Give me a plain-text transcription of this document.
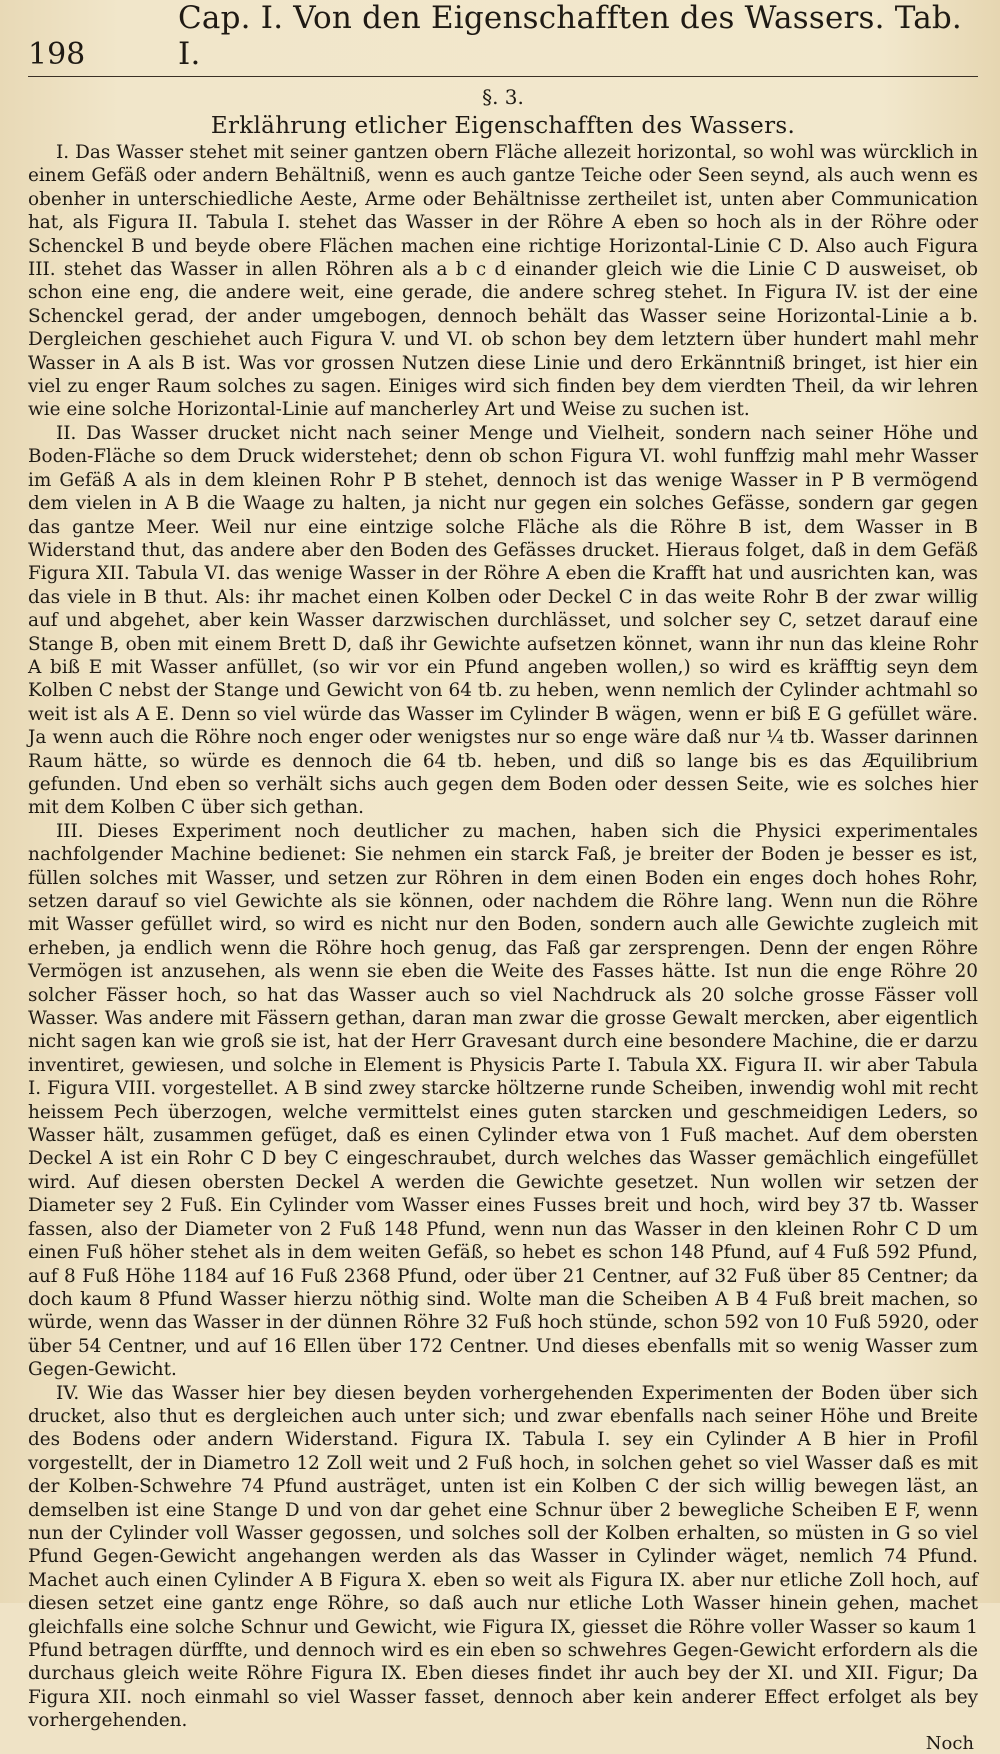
198
Cap. I. Von den Eigenschafften des Wassers. Tab. I.
§. 3.
Erklährung etlicher Eigenschafften des Wassers.

I. Das Wasser stehet mit seiner gantzen obern Fläche allezeit horizontal, so wohl was würcklich in einem Gefäß oder andern Behältniß, wenn es auch gantze Teiche oder Seen seynd, als auch wenn es obenher in unterschiedliche Aeste, Arme oder Behältnisse zertheilet ist, unten aber Communication hat, als Figura II. Tabula I. stehet das Wasser in der Röhre A eben so hoch als in der Röhre oder Schenckel B und beyde obere Flächen machen eine richtige Horizontal-Linie C D. Also auch Figura III. stehet das Wasser in allen Röhren als a b c d einander gleich wie die Linie C D ausweiset, ob schon eine eng, die andere weit, eine gerade, die andere schreg stehet. In Figura IV. ist der eine Schenckel gerad, der ander umgebogen, dennoch behält das Wasser seine Horizontal-Linie a b. Dergleichen geschiehet auch Figura V. und VI. ob schon bey dem letztern über hundert mahl mehr Wasser in A als B ist. Was vor grossen Nutzen diese Linie und dero Erkänntniß bringet, ist hier ein viel zu enger Raum solches zu sagen. Einiges wird sich finden bey dem vierdten Theil, da wir lehren wie eine solche Horizontal-Linie auf mancherley Art und Weise zu suchen ist.

II. Das Wasser drucket nicht nach seiner Menge und Vielheit, sondern nach seiner Höhe und Boden-Fläche so dem Druck widerstehet; denn ob schon Figura VI. wohl funffzig mahl mehr Wasser im Gefäß A als in dem kleinen Rohr P B stehet, dennoch ist das wenige Wasser in P B vermögend dem vielen in A B die Waage zu halten, ja nicht nur gegen ein solches Gefässe, sondern gar gegen das gantze Meer. Weil nur eine eintzige solche Fläche als die Röhre B ist, dem Wasser in B Widerstand thut, das andere aber den Boden des Gefässes drucket. Hieraus folget, daß in dem Gefäß Figura XII. Tabula VI. das wenige Wasser in der Röhre A eben die Krafft hat und ausrichten kan, was das viele in B thut. Als: ihr machet einen Kolben oder Deckel C in das weite Rohr B der zwar willig auf und abgehet, aber kein Wasser darzwischen durchlässet, und solcher sey C, setzet darauf eine Stange B, oben mit einem Brett D, daß ihr Gewichte aufsetzen könnet, wann ihr nun das kleine Rohr A biß E mit Wasser anfüllet, (so wir vor ein Pfund angeben wollen,) so wird es kräfftig seyn dem Kolben C nebst der Stange und Gewicht von 64 tb. zu heben, wenn nemlich der Cylinder achtmahl so weit ist als A E. Denn so viel würde das Wasser im Cylinder B wägen, wenn er biß E G gefüllet wäre. Ja wenn auch die Röhre noch enger oder wenigstes nur so enge wäre daß nur ¼ tb. Wasser darinnen Raum hätte, so würde es dennoch die 64 tb. heben, und diß so lange bis es das Æquilibrium gefunden. Und eben so verhält sichs auch gegen dem Boden oder dessen Seite, wie es solches hier mit dem Kolben C über sich gethan.

III. Dieses Experiment noch deutlicher zu machen, haben sich die Physici experimentales nachfolgender Machine bedienet: Sie nehmen ein starck Faß, je breiter der Boden je besser es ist, füllen solches mit Wasser, und setzen zur Röhren in dem einen Boden ein enges doch hohes Rohr, setzen darauf so viel Gewichte als sie können, oder nachdem die Röhre lang. Wenn nun die Röhre mit Wasser gefüllet wird, so wird es nicht nur den Boden, sondern auch alle Gewichte zugleich mit erheben, ja endlich wenn die Röhre hoch genug, das Faß gar zersprengen. Denn der engen Röhre Vermögen ist anzusehen, als wenn sie eben die Weite des Fasses hätte. Ist nun die enge Röhre 20 solcher Fässer hoch, so hat das Wasser auch so viel Nachdruck als 20 solche grosse Fässer voll Wasser. Was andere mit Fässern gethan, daran man zwar die grosse Gewalt mercken, aber eigentlich nicht sagen kan wie groß sie ist, hat der Herr Gravesant durch eine besondere Machine, die er darzu inventiret, gewiesen, und solche in Element is Physicis Parte I. Tabula XX. Figura II. wir aber Tabula I. Figura VIII. vorgestellet. A B sind zwey starcke höltzerne runde Scheiben, inwendig wohl mit recht heissem Pech überzogen, welche vermittelst eines guten starcken und geschmeidigen Leders, so Wasser hält, zusammen gefüget, daß es einen Cylinder etwa von 1 Fuß machet. Auf dem obersten Deckel A ist ein Rohr C D bey C eingeschraubet, durch welches das Wasser gemächlich eingefüllet wird. Auf diesen obersten Deckel A werden die Gewichte gesetzet. Nun wollen wir setzen der Diameter sey 2 Fuß. Ein Cylinder vom Wasser eines Fusses breit und hoch, wird bey 37 tb. Wasser fassen, also der Diameter von 2 Fuß 148 Pfund, wenn nun das Wasser in den kleinen Rohr C D um einen Fuß höher stehet als in dem weiten Gefäß, so hebet es schon 148 Pfund, auf 4 Fuß 592 Pfund, auf 8 Fuß Höhe 1184 auf 16 Fuß 2368 Pfund, oder über 21 Centner, auf 32 Fuß über 85 Centner; da doch kaum 8 Pfund Wasser hierzu nöthig sind. Wolte man die Scheiben A B 4 Fuß breit machen, so würde, wenn das Wasser in der dünnen Röhre 32 Fuß hoch stünde, schon 592 von 10 Fuß 5920, oder über 54 Centner, und auf 16 Ellen über 172 Centner. Und dieses ebenfalls mit so wenig Wasser zum Gegen-Gewicht.

IV. Wie das Wasser hier bey diesen beyden vorhergehenden Experimenten der Boden über sich drucket, also thut es dergleichen auch unter sich; und zwar ebenfalls nach seiner Höhe und Breite des Bodens oder andern Widerstand. Figura IX. Tabula I. sey ein Cylinder A B hier in Profil vorgestellt, der in Diametro 12 Zoll weit und 2 Fuß hoch, in solchen gehet so viel Wasser daß es mit der Kolben-Schwehre 74 Pfund austräget, unten ist ein Kolben C der sich willig bewegen läst, an demselben ist eine Stange D und von dar gehet eine Schnur über 2 bewegliche Scheiben E F, wenn nun der Cylinder voll Wasser gegossen, und solches soll der Kolben erhalten, so müsten in G so viel Pfund Gegen-Gewicht angehangen werden als das Wasser in Cylinder wäget, nemlich 74 Pfund. Machet auch einen Cylinder A B Figura X. eben so weit als Figura IX. aber nur etliche Zoll hoch, auf diesen setzet eine gantz enge Röhre, so daß auch nur etliche Loth Wasser hinein gehen, machet gleichfalls eine solche Schnur und Gewicht, wie Figura IX, giesset die Röhre voller Wasser so kaum 1 Pfund betragen dürffte, und dennoch wird es ein eben so schwehres Gegen-Gewicht erfordern als die durchaus gleich weite Röhre Figura IX. Eben dieses findet ihr auch bey der XI. und XII. Figur; Da Figura XII. noch einmahl so viel Wasser fasset, dennoch aber kein anderer Effect erfolget als bey vorhergehenden.

Noch
